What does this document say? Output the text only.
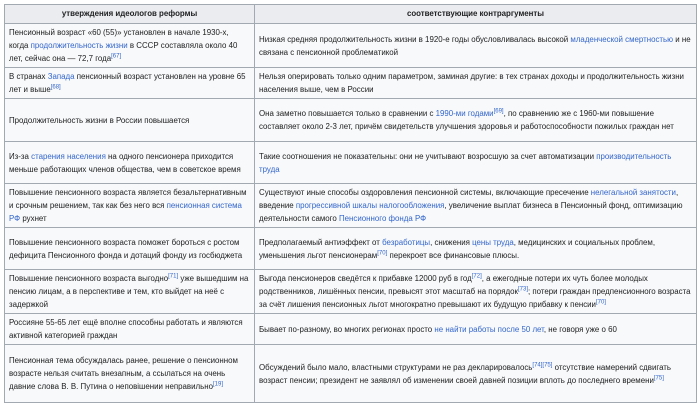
утверждения идеологов реформы	соответствующие контраргументы
Пенсионный возраст «60 (55)» установлен в начале 1930-х, когда продолжительность жизни в СССР составляла около 40 лет, сейчас она — 72,7 года[67]	Низкая средняя продолжительность жизни в 1920-е годы обусловливалась высокой младенческой смертностью и не связана с пенсионной проблематикой
В странах Запада пенсионный возраст установлен на уровне 65 лет и выше[68]	Нельзя оперировать только одним параметром, заминая другие: в тех странах доходы и продолжительность жизни населения выше, чем в России
Продолжительность жизни в России повышается	Она заметно повышается только в сравнении с 1990-ми годами[69], по сравнению же с 1960-ми повышение составляет около 2-3 лет, причём свидетельств улучшения здоровья и работоспособности пожилых граждан нет
Из-за старения населения на одного пенсионера приходится меньше работающих членов общества, чем в советское время	Такие соотношения не показательны: они не учитывают возросшую за счет автоматизации производительность труда
Повышение пенсионного возраста является безальтернативным и срочным решением, так как без него вся пенсионная система РФ рухнет	Существуют иные способы оздоровления пенсионной системы, включающие пресечение нелегальной занятости, введение прогрессивной шкалы налогообложения, увеличение выплат бизнеса в Пенсионный фонд, оптимизацию деятельности самого Пенсионного фонда РФ
Повышение пенсионного возраста поможет бороться с ростом дефицита Пенсионного фонда и дотаций фонду из госбюджета	Предполагаемый антиэффект от безработицы, снижения цены труда, медицинских и социальных проблем, уменьшения льгот пенсионерам[70] перекроет все финансовые плюсы.
Повышение пенсионного возраста выгодно[71] уже вышедшим на пенсию лицам, а в перспективе и тем, кто выйдет на неё с задержкой	Выгода пенсионеров сведётся к прибавке 12000 руб в год[72], а ежегодные потери их чуть более молодых родственников, лишённых пенсии, превысят этот масштаб на порядок[73]; потери граждан предпенсионного возраста за счёт лишения пенсионных льгот многократно превышают их будущую прибавку к пенсии[70]
Россияне 55-65 лет ещё вполне способны работать и являются активной категорией граждан	Бывает по-разному, во многих регионах просто не найти работы после 50 лет, не говоря уже о 60
Пенсионная тема обсуждалась ранее, решение о пенсионном возрасте нельзя считать внезапным, а ссылаться на очень давние слова В. В. Путина о неповішении неправильно[19]	Обсуждений было мало, властными структурами не раз декларировалось[74][75] отсутствие намерений сдвигать возраст пенсии; президент не заявлял об изменении своей давней позиции вплоть до последнего времени[75]
